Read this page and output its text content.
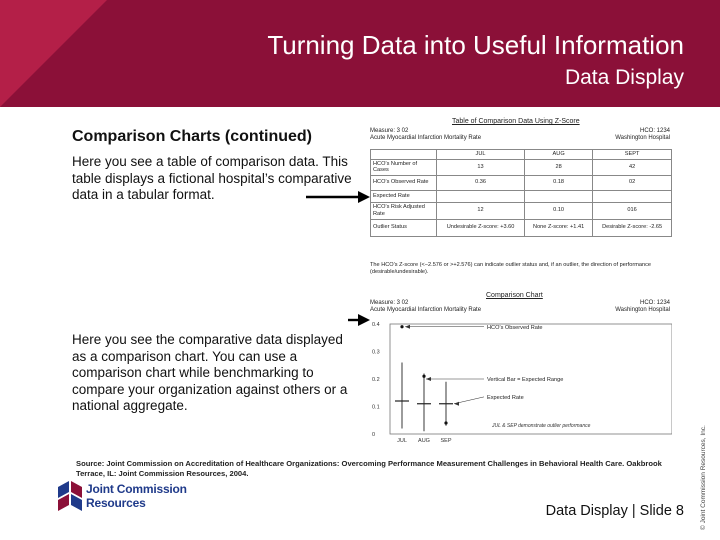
Turning Data into Useful Information
Data Display
Comparison Charts (continued)
Here you see a table of comparison data. This table displays a fictional hospital’s comparative data in a tabular format.
Here you see the comparative data displayed as a comparison chart. You can use a comparison chart while benchmarking to compare your organization against others or a national aggregate.
Table of Comparison Data Using Z-Score
Measure: 3 02
Acute Myocardial Infarction Mortality Rate
HCO: 1234
Washington Hospital
	JUL	AUG	SEPT
HCO’s Number of Cases	13	28	42
HCO’s Observed Rate	0.36	0.18	02
Expected Rate			
HCO’s Risk Adjusted Rate	12	0.10	016
Outlier Status	Undesirable Z-score: +3.60	None Z-score: +1.41	Desirable Z-score: -2.65
The HCO’s Z-score (<−2.576 or >+2.576) can indicate outlier status and, if an outlier, the direction of performance (desirable/undesirable).
Comparison Chart
Measure: 3 02
Acute Myocardial Infarction Mortality Rate
HCO: 1234
Washington Hospital
0
0.1
0.2
0.3
0.4
JUL AUG SEP
HCO’s Observed Rate
Vertical Bar = Expected Range
Expected Rate
JUL & SEP demonstrate outlier performance
Source: Joint Commission on Accreditation of Healthcare Organizations: Overcoming Performance Measurement Challenges in Behavioral Health Care. Oakbrook Terrace, IL: Joint Commission Resources, 2004.
Joint Commission
Resources	Data Display | Slide 8 © Joint Commission Resources, Inc.
